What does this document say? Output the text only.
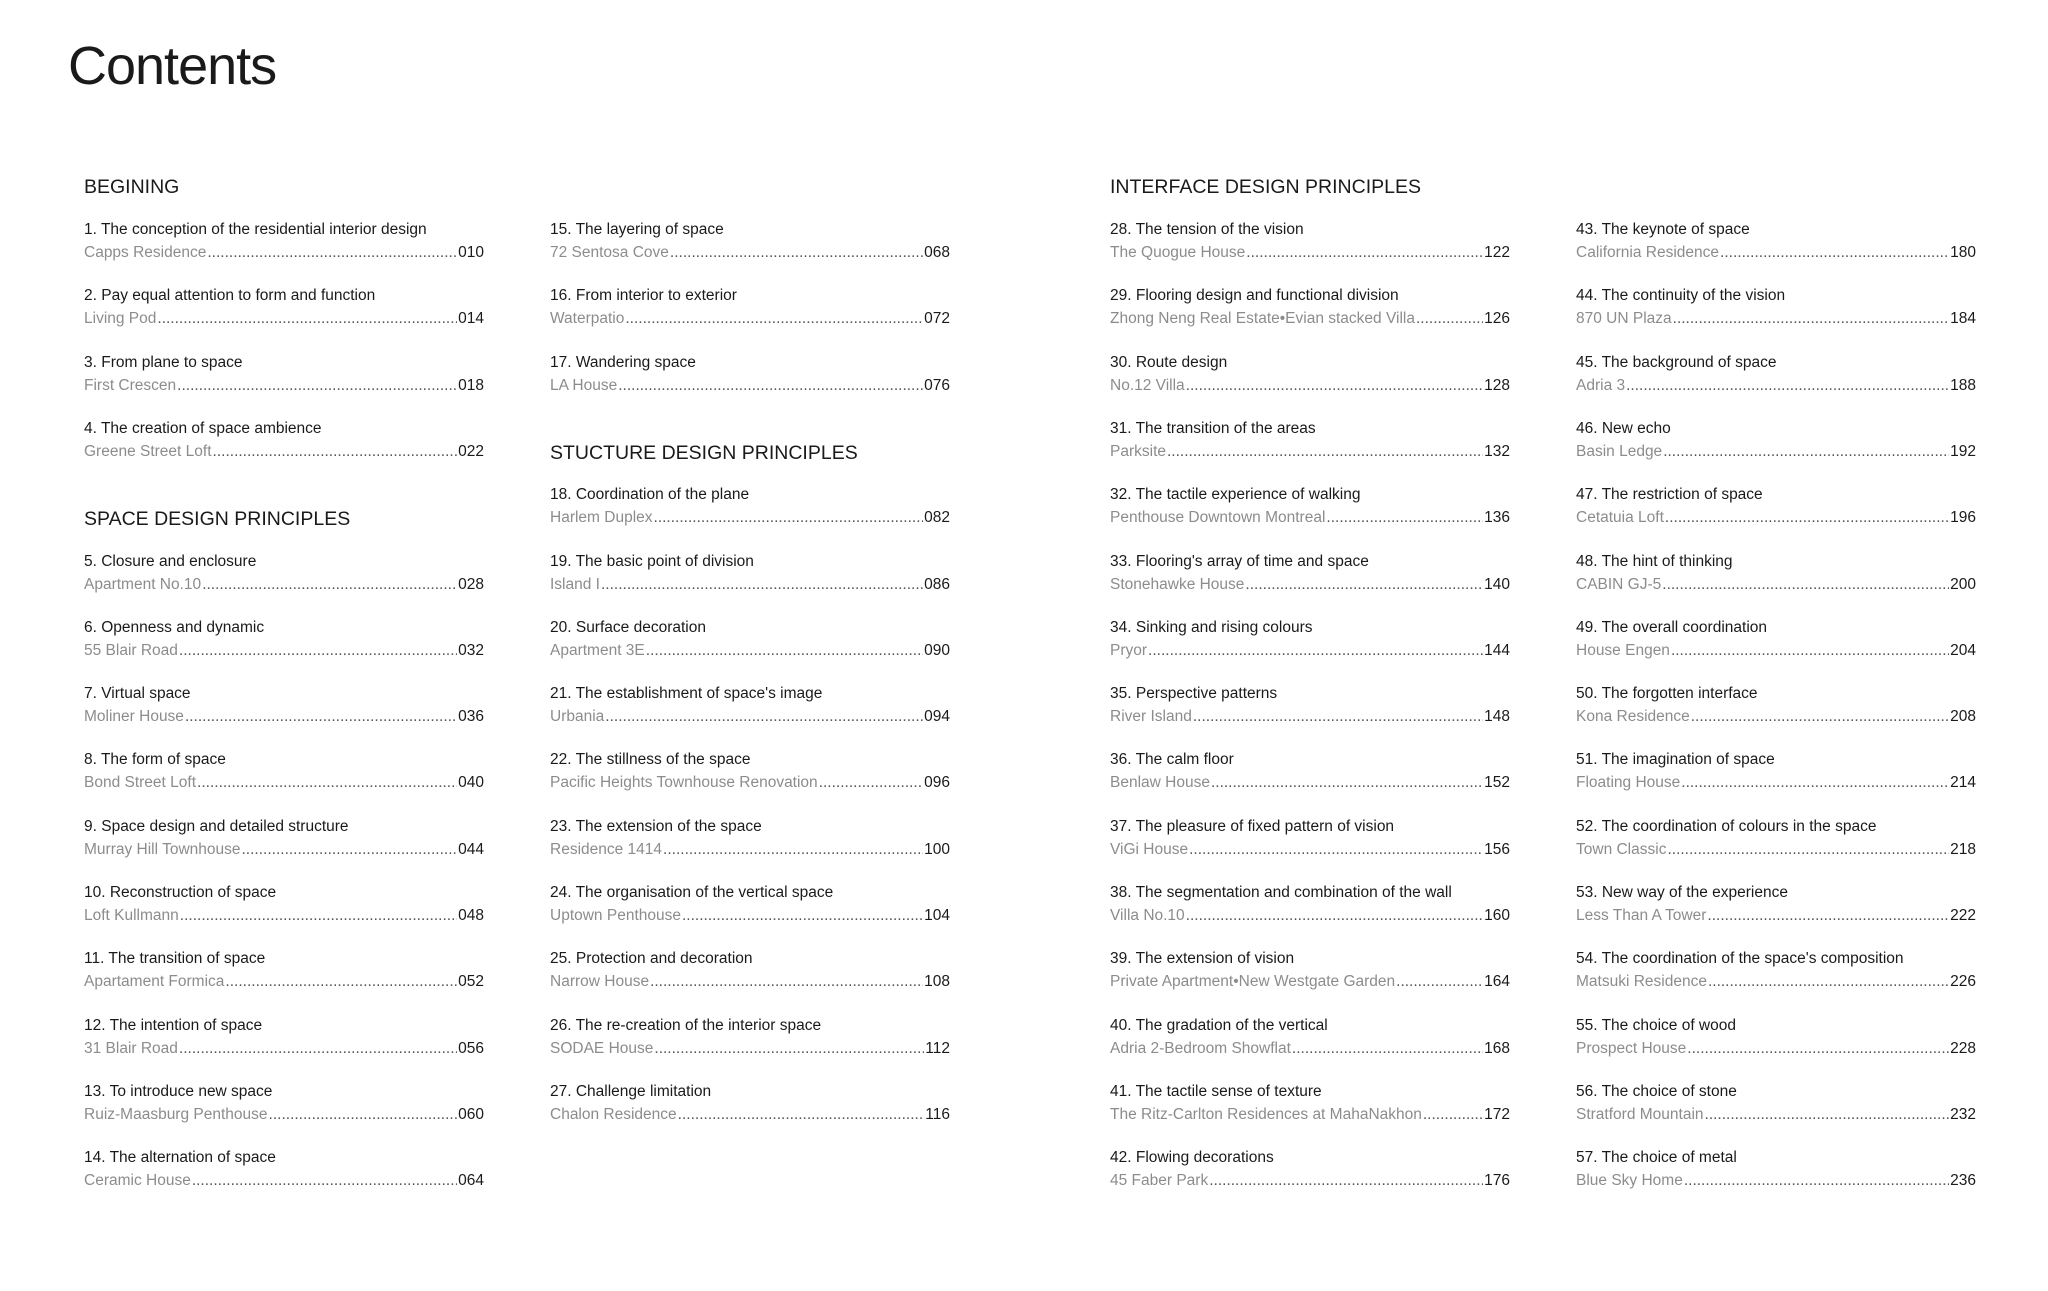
Contents
BEGINING
SPACE DESIGN PRINCIPLES
1. The conception of the residential interior design
Capps Residence .....	010
2. Pay equal attention to form and function
Living Pod .....	014
3. From plane to space
First Crescen .....	018
4. The creation of space ambience
Greene Street Loft .....	022
5. Closure and enclosure
Apartment No.10 .....	028
6. Openness and dynamic
55 Blair Road .....	032
7. Virtual space
Moliner House .....	036
8. The form of space
Bond Street Loft .....	040
9. Space design and detailed structure
Murray Hill Townhouse .....	044
10. Reconstruction of space
Loft Kullmann .....	048
11. The transition of space
Apartament Formica .....	052
12. The intention of space
31 Blair Road .....	056
13. To introduce new space
Ruiz-Maasburg Penthouse .....	060
14. The alternation of space
Ceramic House .....	064
STUCTURE DESIGN PRINCIPLES
15. The layering of space
72 Sentosa Cove .....	068
16. From interior to exterior
Waterpatio .....	072
17. Wandering space
LA House .....	076
18. Coordination of the plane
Harlem Duplex .....	082
19. The basic point of division
Island I .....	086
20. Surface decoration
Apartment 3E .....	090
21. The establishment of space's image
Urbania .....	094
22. The stillness of the space
Pacific Heights Townhouse Renovation .....	096
23. The extension of the space
Residence 1414 .....	100
24. The organisation of the vertical space
Uptown Penthouse .....	104
25. Protection and decoration
Narrow House .....	108
26. The re-creation of the interior space
SODAE House .....	112
27. Challenge limitation
Chalon Residence .....	116
INTERFACE DESIGN PRINCIPLES
28. The tension of the vision
The Quogue House .....	122
29. Flooring design and functional division
Zhong Neng Real Estate•Evian stacked Villa .....	126
30. Route design
No.12 Villa .....	128
31. The transition of the areas
Parksite .....	132
32. The tactile experience of walking
Penthouse Downtown Montreal .....	136
33. Flooring's array of time and space
Stonehawke House .....	140
34. Sinking and rising colours
Pryor .....	144
35. Perspective patterns
River Island .....	148
36. The calm floor
Benlaw House .....	152
37. The pleasure of fixed pattern of vision
ViGi House .....	156
38. The segmentation and combination of the wall
Villa No.10 .....	160
39. The extension of vision
Private Apartment•New Westgate Garden .....	164
40. The gradation of the vertical
Adria 2-Bedroom Showflat .....	168
41. The tactile sense of texture
The Ritz-Carlton Residences at MahaNakhon .....	172
42. Flowing decorations
45 Faber Park .....	176
43. The keynote of space
California Residence .....	180
44. The continuity of the vision
870 UN Plaza .....	184
45. The background of space
Adria 3 .....	188
46. New echo
Basin Ledge .....	192
47. The restriction of space
Cetatuia Loft .....	196
48. The hint of thinking
CABIN GJ-5 .....	200
49. The overall coordination
House Engen .....	204
50. The forgotten interface
Kona Residence .....	208
51. The imagination of space
Floating House .....	214
52. The coordination of colours in the space
Town Classic .....	218
53. New way of the experience
Less Than A Tower .....	222
54. The coordination of the space's composition
Matsuki Residence .....	226
55. The choice of wood
Prospect House .....	228
56. The choice of stone
Stratford Mountain .....	232
57. The choice of metal
Blue Sky Home .....	236
